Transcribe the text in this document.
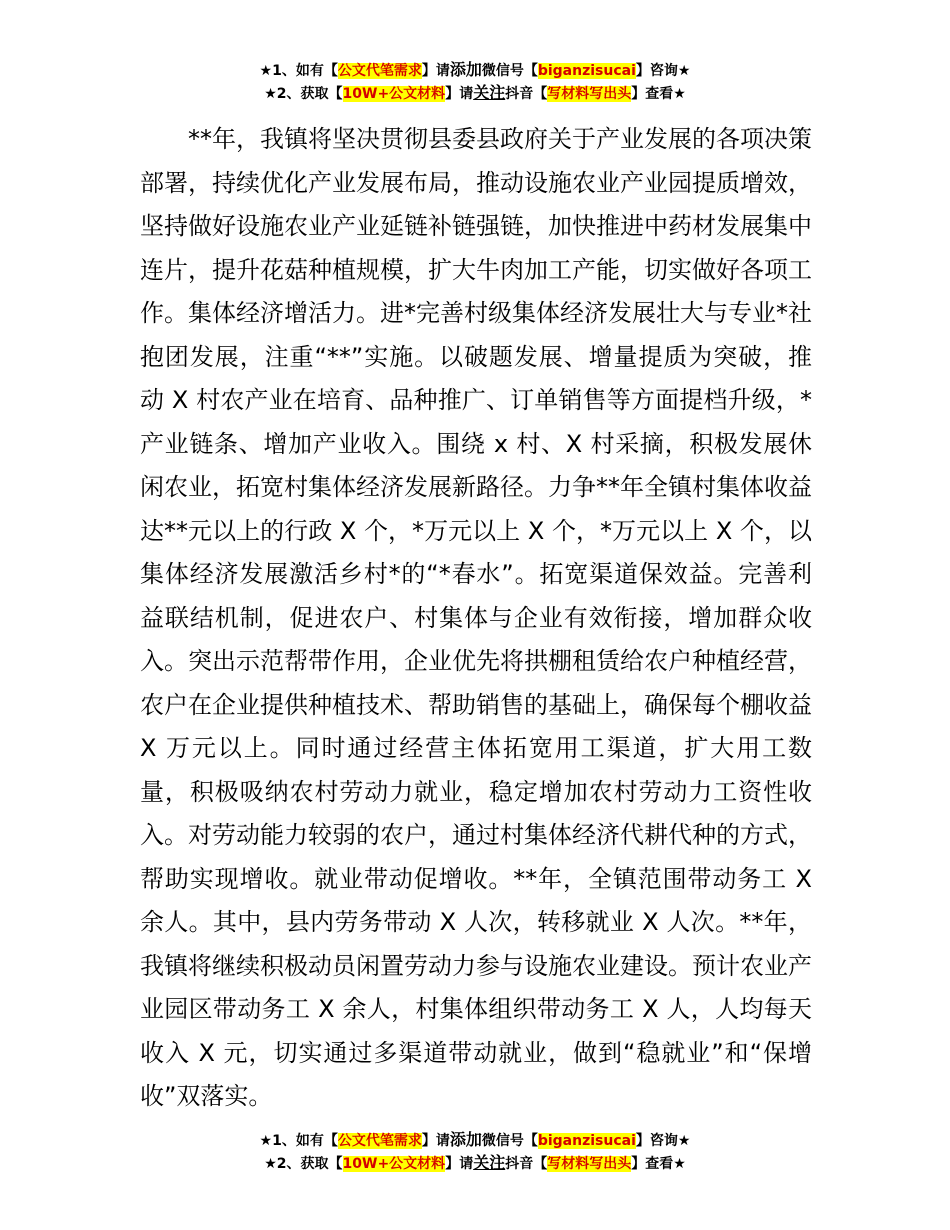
★1、如有【公文代笔需求】请添加微信号【biganzisucai】咨询★
★2、获取【10W+公文材料】请关注抖音【写材料写出头】查看★

**年，我镇将坚决贯彻县委县政府关于产业发展的各项决策部署，持续优化产业发展布局，推动设施农业产业园提质增效，坚持做好设施农业产业延链补链强链，加快推进中药材发展集中连片，提升花菇种植规模，扩大牛肉加工产能，切实做好各项工作。集体经济增活力。进*完善村级集体经济发展壮大与专业*社抱团发展，注重“**”实施。以破题发展、增量提质为突破，推动 X 村农产业在培育、品种推广、订单销售等方面提档升级，*产业链条、增加产业收入。围绕 x 村、X 村采摘，积极发展休闲农业，拓宽村集体经济发展新路径。力争**年全镇村集体收益达**元以上的行政 X 个，*万元以上 X 个，*万元以上 X 个，以集体经济发展激活乡村*的“*春水”。拓宽渠道保效益。完善利益联结机制，促进农户、村集体与企业有效衔接，增加群众收入。突出示范帮带作用，企业优先将拱棚租赁给农户种植经营，农户在企业提供种植技术、帮助销售的基础上，确保每个棚收益 X 万元以上。同时通过经营主体拓宽用工渠道，扩大用工数量，积极吸纳农村劳动力就业，稳定增加农村劳动力工资性收入。对劳动能力较弱的农户，通过村集体经济代耕代种的方式，帮助实现增收。就业带动促增收。**年，全镇范围带动务工 X 余人。其中，县内劳务带动 X 人次，转移就业 X 人次。**年，我镇将继续积极动员闲置劳动力参与设施农业建设。预计农业产业园区带动务工 X 余人，村集体组织带动务工 X 人，人均每天收入 X 元，切实通过多渠道带动就业，做到“稳就业”和“保增收”双落实。

★1、如有【公文代笔需求】请添加微信号【biganzisucai】咨询★
★2、获取【10W+公文材料】请关注抖音【写材料写出头】查看★
